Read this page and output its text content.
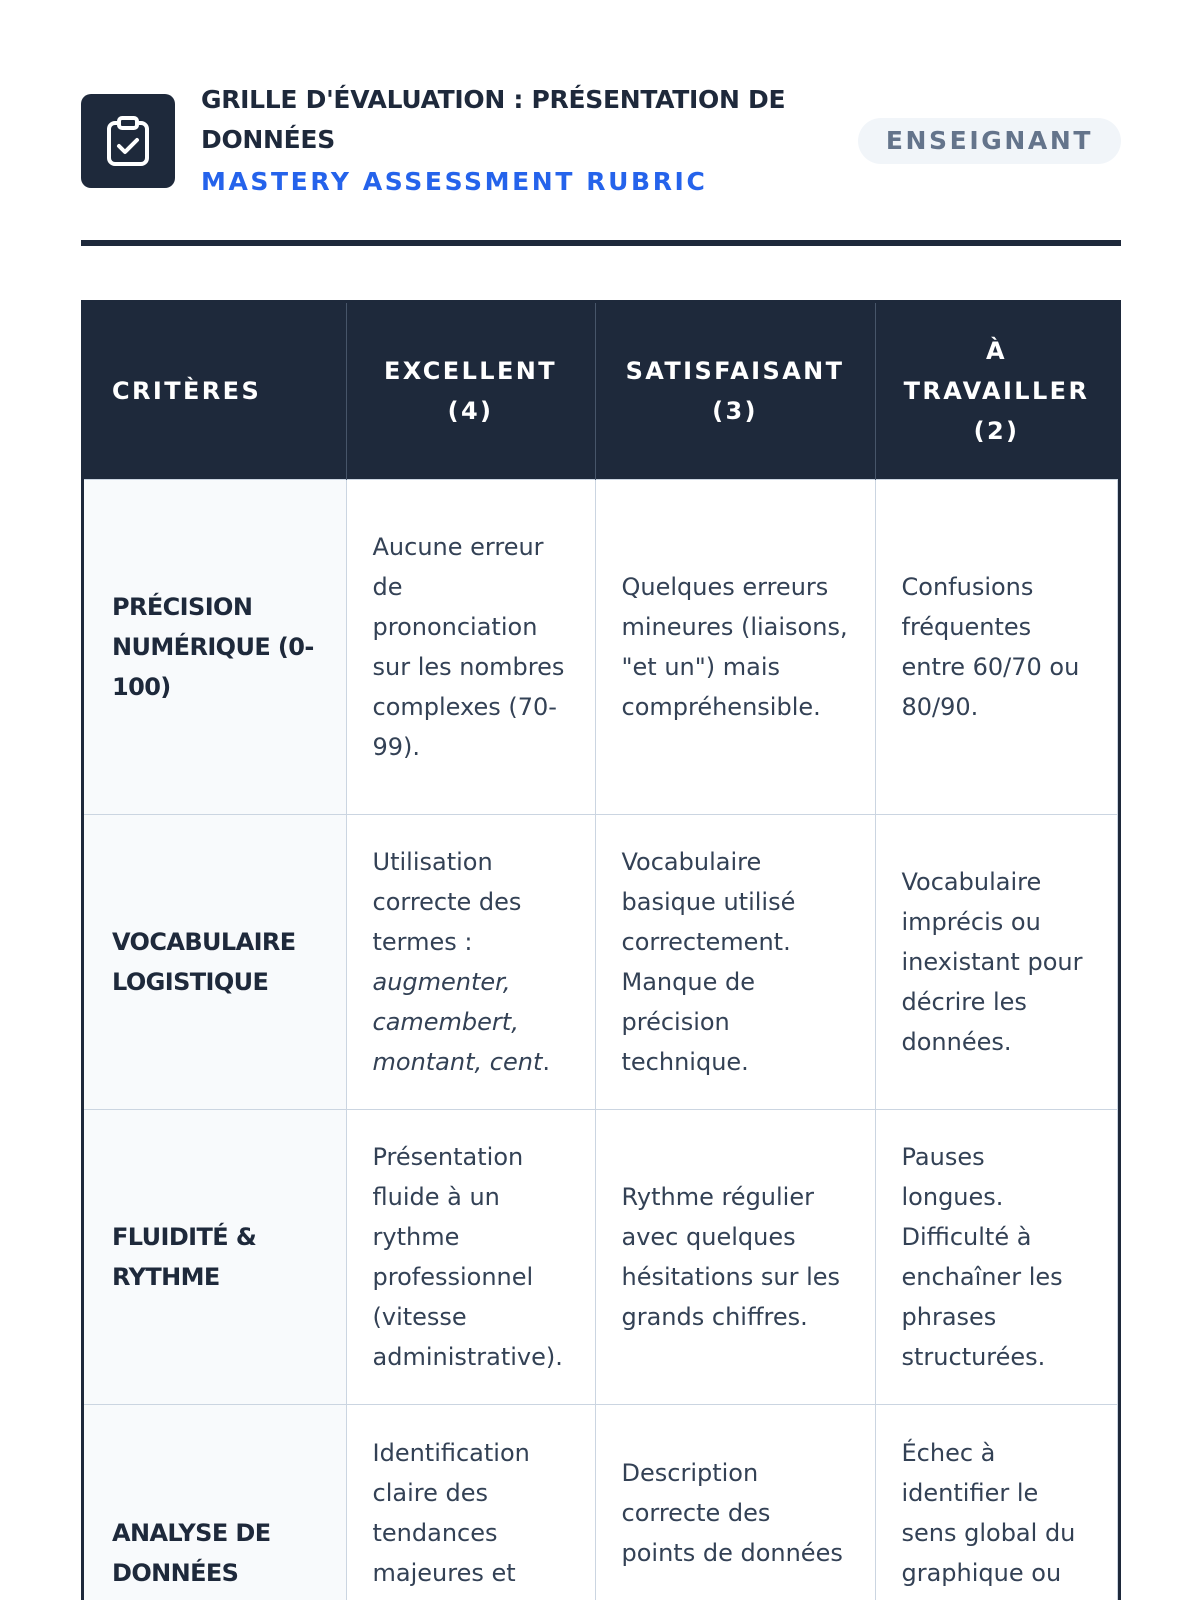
GRILLE D'ÉVALUATION : PRÉSENTATION DE DONNÉES

MASTERY ASSESSMENT RUBRIC

ENSEIGNANT
CRITÈRES	EXCELLENT (4)	SATISFAISANT (3)	À TRAVAILLER (2)
PRÉCISION NUMÉRIQUE (0-100)	Aucune erreur de prononciation sur les nombres complexes (70-99).	Quelques erreurs mineures (liaisons, "et un") mais compréhensible.	Confusions fréquentes entre 60/70 ou 80/90.
VOCABULAIRE LOGISTIQUE	Utilisation correcte des termes : augmenter, camembert, montant, cent.	Vocabulaire basique utilisé correctement. Manque de précision technique.	Vocabulaire imprécis ou inexistant pour décrire les données.
FLUIDITÉ & RYTHME	Présentation fluide à un rythme professionnel (vitesse administrative).	Rythme régulier avec quelques hésitations sur les grands chiffres.	Pauses longues. Difficulté à enchaîner les phrases structurées.
ANALYSE DE DONNÉES	Identification claire des tendances majeures et	Description correcte des points de données	Échec à identifier le sens global du graphique ou
